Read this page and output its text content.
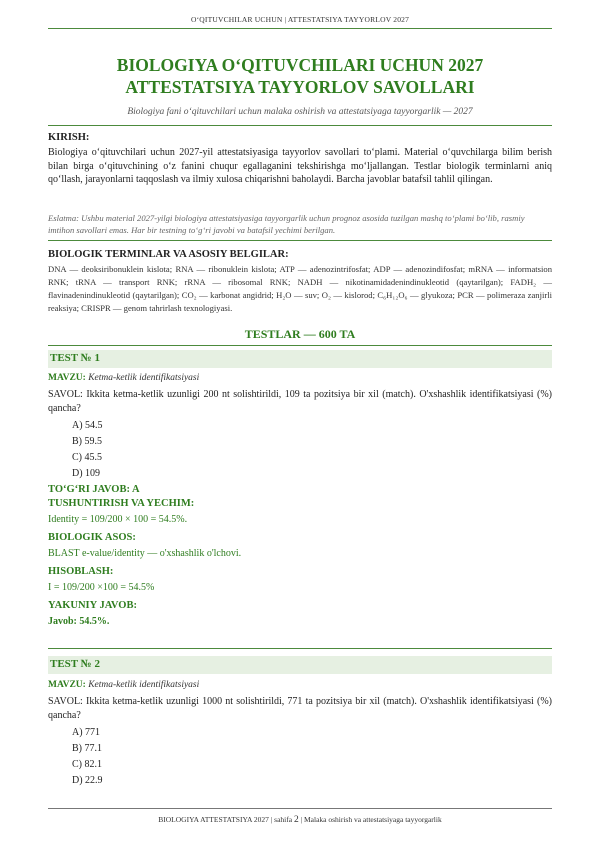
O‘QITUVCHILAR UCHUN | ATTESTATSIYA TAYYORLOV 2027
BIOLOGIYA O‘QITUVCHILARI UCHUN 2027
ATTESTATSIYA TAYYORLOV SAVOLLARI
Biologiya fani o‘qituvchilari uchun malaka oshirish va attestatsiyaga tayyorgarlik — 2027
KIRISH:
Biologiya o‘qituvchilari uchun 2027-yil attestatsiyasiga tayyorlov savollari to‘plami. Material o‘quvchilarga bilim berish bilan birga o‘qituvchining o‘z fanini chuqur egallaganini tekshirishga mo‘ljallangan. Testlar biologik terminlarni aniq qo‘llash, jarayonlarni taqqoslash va ilmiy xulosa chiqarishni baholaydi. Barcha javoblar batafsil tahlil qilingan.
Eslatma: Ushbu material 2027-yilgi biologiya attestatsiyasiga tayyorgarlik uchun prognoz asosida tuzilgan mashq to‘plami bo‘lib, rasmiy imtihon savollari emas. Har bir testning to‘g‘ri javobi va batafsil yechimi berilgan.
BIOLOGIK TERMINLAR VA ASOSIY BELGILAR:
DNA — deoksiribonuklein kislota; RNA — ribonuklein kislota; ATP — adenozintrifosfat; ADP — adenozindifosfat; mRNA — informatsion RNK; tRNA — transport RNK; rRNA — ribosomal RNK; NADH — nikotinamidadenindinukleotid (qaytarilgan); FADH₂ — flavinadenindinukleotid (qaytarilgan); CO₂ — karbonat angidrid; H₂O — suv; O₂ — kislorod; C₆H₁₂O₆ — glyukoza; PCR — polimeraza zanjirli reaksiya; CRISPR — genom tahrirlash texnologiyasi.
TESTLAR — 600 TA
TEST № 1
MAVZU: Ketma-ketlik identifikatsiyasi
SAVOL: Ikkita ketma-ketlik uzunligi 200 nt solishtirildi, 109 ta pozitsiya bir xil (match). O'xshashlik identifikatsiyasi (%) qancha?
A) 54.5
B) 59.5
C) 45.5
D) 109
TO‘G‘RI JAVOB: A
TUSHUNTIRISH VA YECHIM:
Identity = 109/200 × 100 = 54.5%.
BIOLOGIK ASOS:
BLAST e-value/identity — o'xshashlik o'lchovi.
HISOBLASH:
I = 109/200 ×100 = 54.5%
YAKUNIY JAVOB:
Javob: 54.5%.
TEST № 2
MAVZU: Ketma-ketlik identifikatsiyasi
SAVOL: Ikkita ketma-ketlik uzunligi 1000 nt solishtirildi, 771 ta pozitsiya bir xil (match). O'xshashlik identifikatsiyasi (%) qancha?
A) 771
B) 77.1
C) 82.1
D) 22.9
BIOLOGIYA ATTESTATSIYA 2027 | sahifa 2 | Malaka oshirish va attestatsiyaga tayyorgarlik
